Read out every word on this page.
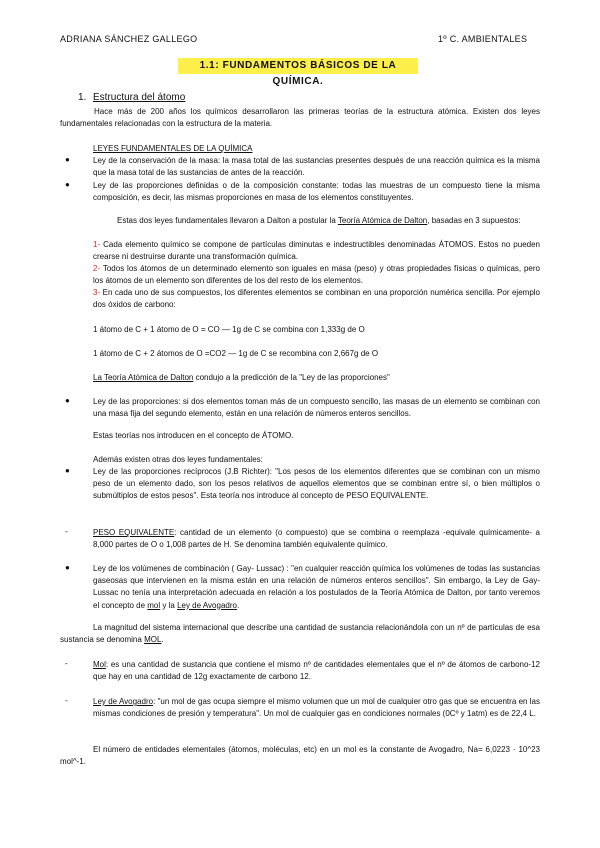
ADRIANA SÁNCHEZ GALLEGO	1º C. AMBIENTALES
1.1: FUNDAMENTOS BÁSICOS DE LA QUÍMICA.
1. Estructura del átomo
Hace más de 200 años los químicos desarrollaron las primeras teorías de la estructura atómica. Existen dos leyes fundamentales relacionadas con la estructura de la materia.
LEYES FUNDAMENTALES DE LA QUÍMICA
●	Ley de la conservación de la masa: la masa total de las sustancias presentes después de una reacción química es la misma que la masa total de las sustancias de antes de la reacción.
●	Ley de las proporciones definidas o de la composición constante: todas las muestras de un compuesto tiene la misma composición, es decir, las mismas proporciones en masa de los elementos constituyentes.
Estas dos leyes fundamentales llevaron a Dalton a postular la Teoría Atómica de Dalton, basadas en 3 supuestos:
1- Cada elemento químico se compone de partículas diminutas e indestructibles denominadas ÁTOMOS. Estos no pueden crearse ni destruirse durante una transformación química.
2- Todos los átomos de un determinado elemento son iguales en masa (peso) y otras propiedades físicas o químicas, pero los átomos de un elemento son diferentes de los del resto de los elementos.
3- En cada uno de sus compuestos, los diferentes elementos se combinan en una proporción numérica sencilla. Por ejemplo dos óxidos de carbono:
1 átomo de C + 1 átomo de O = CO — 1g de C se combina con 1,333g de O
1 átomo de C + 2 átomos de O =CO2 — 1g de C se recombina con 2,667g de O
La Teoría Atómica de Dalton condujo a la predicción de la "Ley de las proporciones"
●	Ley de las proporciones: si dos elementos toman más de un compuesto sencillo, las masas de un elemento se combinan con una masa fija del segundo elemento, están en una relación de números enteros sencillos.
Estas teorías nos introducen en el concepto de ÁTOMO.
Además existen otras dos leyes fundamentales:
●	Ley de las proporciones recíprocos (J.B Richter): "Los pesos de los elementos diferentes que se combinan con un mismo peso de un elemento dado, son los pesos relativos de aquellos elementos que se combinan entre sí, o bien múltiplos o submúltiplos de estos pesos". Esta teoría nos introduce al concepto de PESO EQUIVALENTE.
-	PESO EQUIVALENTE: cantidad de un elemento (o compuesto) que se combina o reemplaza -equivale químicamente- a 8,000 partes de O o 1,008 partes de H. Se denomina también equivalente químico.
●	Ley de los volúmenes de combinación ( Gay- Lussac) : "en cualquier reacción química los volúmenes de todas las sustancias gaseosas que intervienen en la misma están en una relación de números enteros sencillos". Sin embargo, la Ley de Gay-Lussac no tenía una interpretación adecuada en relación a los postulados de la Teoría Atómica de Dalton, por tanto veremos el concepto de mol y la Ley de Avogadro.
La magnitud del sistema internacional que describe una cantidad de sustancia relacionándola con un nº de partículas de esa sustancia se denomina MOL.
-	Mol: es una cantidad de sustancia que contiene el mismo nº de cantidades elementales que el nº de átomos de carbono-12 que hay en una cantidad de 12g exactamente de carbono 12.
-	Ley de Avogadro: "un mol de gas ocupa siempre el mismo volumen que un mol de cualquier otro gas que se encuentra en las mismas condiciones de presión y temperatura". Un mol de cualquier gas en condiciones normales (0Cº y 1atm) es de 22,4 L.
El número de entidades elementales (átomos, moléculas, etc) en un mol es la constante de Avogadro, Na= 6,0223 · 10^23 mol^-1.
